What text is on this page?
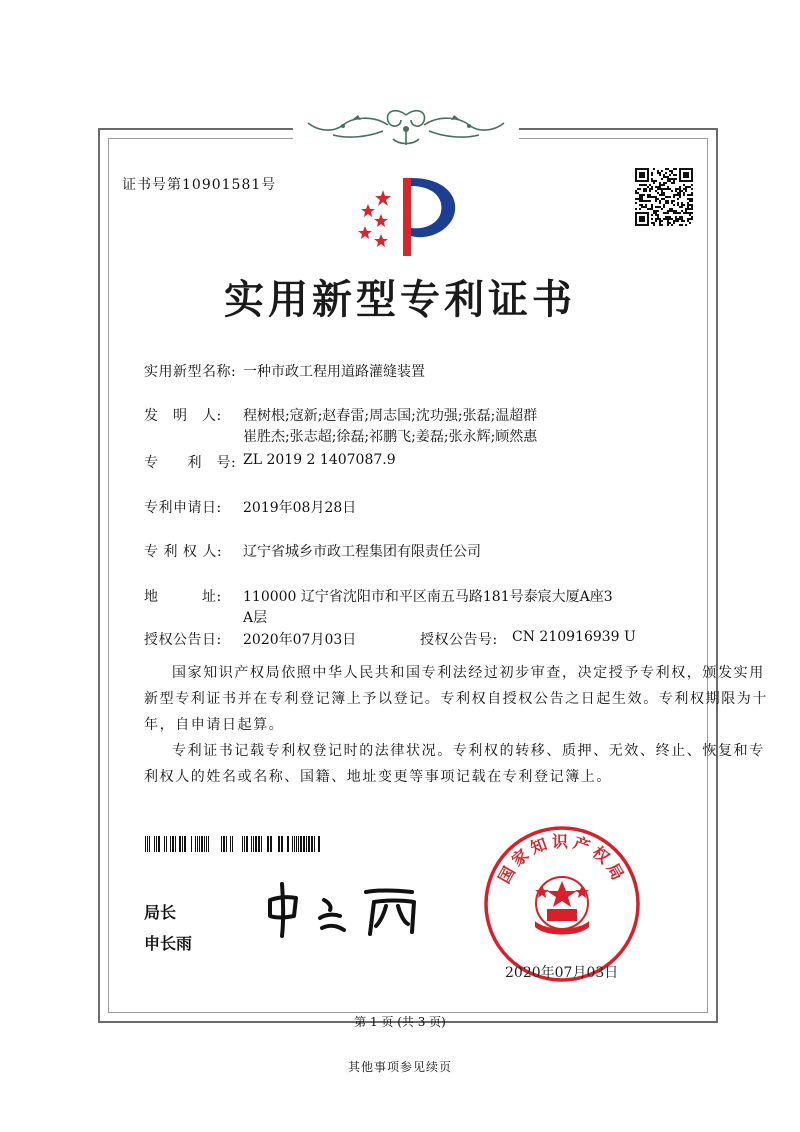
证书号第10901581号
实用新型专利证书
实用新型名称: 一种市政工程用道路灌缝装置
发　明　人: 程树根;寇新;赵春雷;周志国;沈功强;张磊;温超群
崔胜杰;张志超;徐磊;祁鹏飞;姜磊;张永辉;顾然惠
专　　利　号: ZL 2019 2 1407087.9
专利申请日: 2019年08月28日
专 利 权 人: 辽宁省城乡市政工程集团有限责任公司
地　　　址: 110000 辽宁省沈阳市和平区南五马路181号泰宸大厦A座3
A层
授权公告日: 2020年07月03日	授权公告号: CN 210916939 U
国家知识产权局依照中华人民共和国专利法经过初步审查，决定授予专利权，颁发实用
新型专利证书并在专利登记簿上予以登记。专利权自授权公告之日起生效。专利权期限为十
年，自申请日起算。
专利证书记载专利权登记时的法律状况。专利权的转移、质押、无效、终止、恢复和专
利权人的姓名或名称、国籍、地址变更等事项记载在专利登记簿上。
局长
申长雨
国家知识产权局
2020年07月03日
第 1 页 (共 3 页)
其他事项参见续页
